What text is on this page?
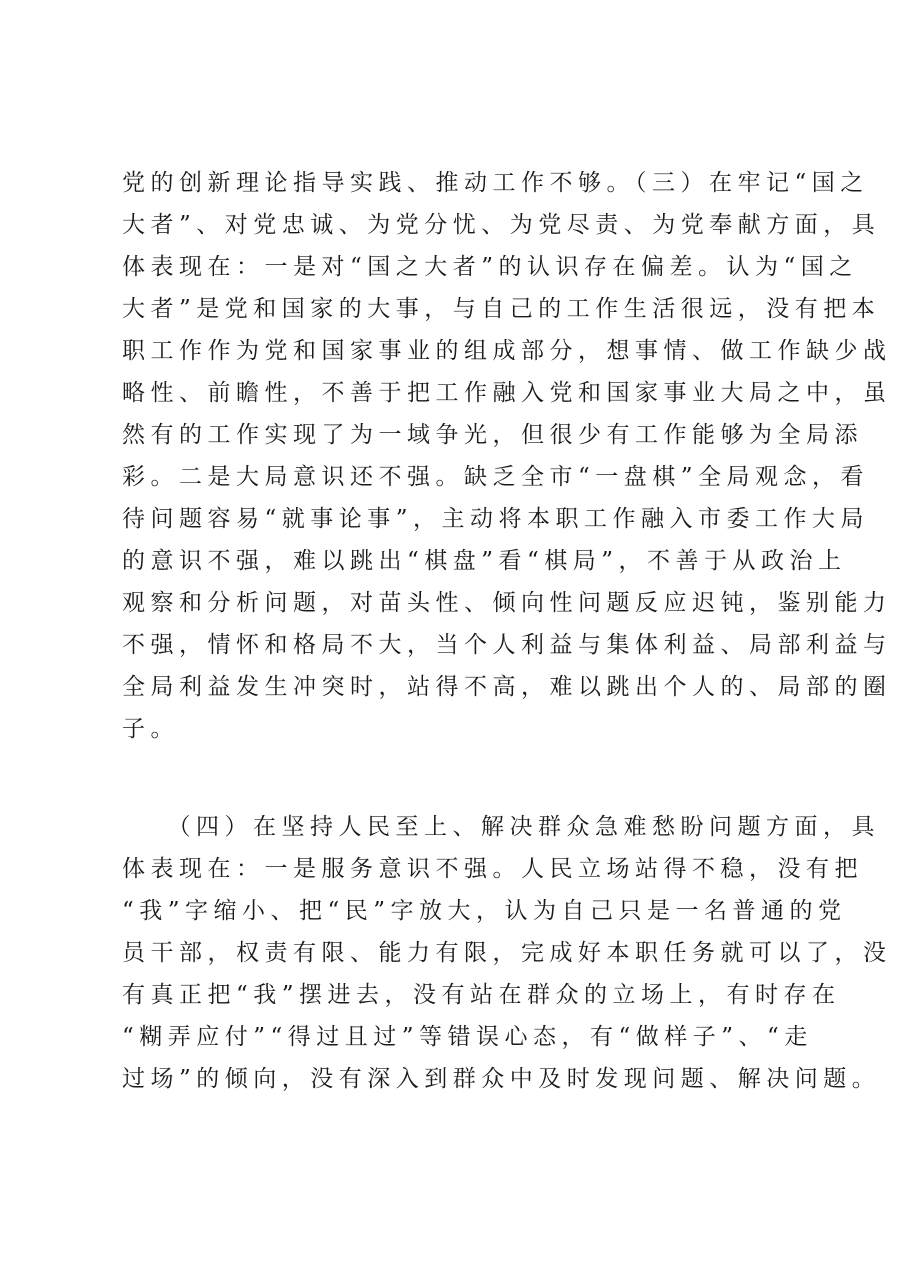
党的创新理论指导实践、推动工作不够。（三）在牢记“国之
大者”、对党忠诚、为党分忧、为党尽责、为党奉献方面，具
体表现在：一是对“国之大者”的认识存在偏差。认为“国之
大者”是党和国家的大事，与自己的工作生活很远，没有把本
职工作作为党和国家事业的组成部分，想事情、做工作缺少战
略性、前瞻性，不善于把工作融入党和国家事业大局之中，虽
然有的工作实现了为一域争光，但很少有工作能够为全局添
彩。二是大局意识还不强。缺乏全市“一盘棋”全局观念，看
待问题容易“就事论事”，主动将本职工作融入市委工作大局
的意识不强，难以跳出“棋盘”看“棋局”，不善于从政治上
观察和分析问题，对苗头性、倾向性问题反应迟钝，鉴别能力
不强，情怀和格局不大，当个人利益与集体利益、局部利益与
全局利益发生冲突时，站得不高，难以跳出个人的、局部的圈
子。
　　（四）在坚持人民至上、解决群众急难愁盼问题方面，具
体表现在：一是服务意识不强。人民立场站得不稳，没有把
“我”字缩小、把“民”字放大，认为自己只是一名普通的党
员干部，权责有限、能力有限，完成好本职任务就可以了，没
有真正把“我”摆进去，没有站在群众的立场上，有时存在
“糊弄应付”“得过且过”等错误心态，有“做样子”、“走
过场”的倾向，没有深入到群众中及时发现问题、解决问题。
